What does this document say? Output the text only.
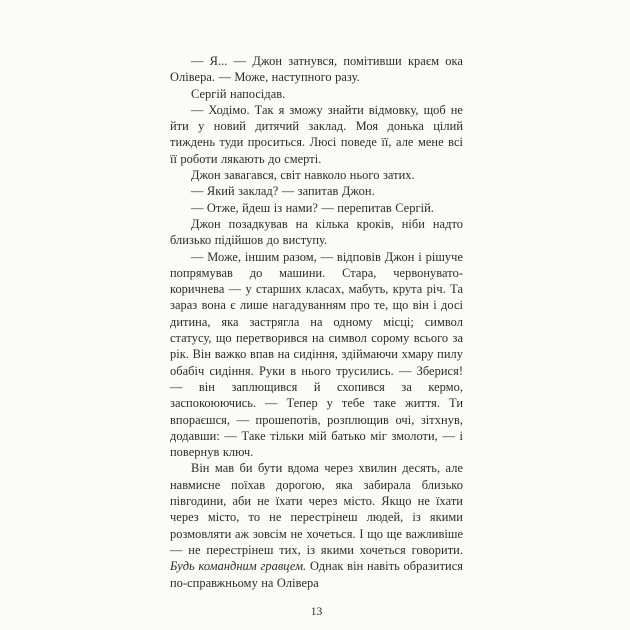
— Я... — Джон затнувся, помітивши краєм ока Олівера. — Може, наступного разу.

Сергій напосідав.

— Ходімо. Так я зможу знайти відмовку, щоб не йти у новий дитячий заклад. Моя донька цілий тиждень туди проситься. Люсі поведе її, але мене всі її роботи лякають до смерті.

Джон завагався, світ навколо нього затих.

— Який заклад? — запитав Джон.

— Отже, йдеш із нами? — перепитав Сергій.

Джон позадкував на кілька кроків, ніби надто близько підійшов до виступу.

— Може, іншим разом, — відповів Джон і рішуче попрямував до машини. Стара, червонувато-коричнева — у старших класах, мабуть, крута річ. Та зараз вона є лише нагадуванням про те, що він і досі дитина, яка застрягла на одному місці; символ статусу, що перетворився на символ сорому всього за рік. Він важко впав на сидіння, здіймаючи хмару пилу обабіч сидіння. Руки в нього трусились. — Зберися! — він заплющився й схопився за кермо, заспокоюючись. — Тепер у тебе таке життя. Ти впораєшся, — прошепотів, розплющив очі, зітхнув, додавши: — Таке тільки мій батько міг змолоти, — і повернув ключ.

Він мав би бути вдома через хвилин десять, але навмисне поїхав дорогою, яка забирала близько півгодини, аби не їхати через місто. Якщо не їхати через місто, то не перестрінеш людей, із якими розмовляти аж зовсім не хочеться. І що ще важливіше — не перестрінеш тих, із якими хочеться говорити. Будь командним гравцем. Однак він навіть образитися по-справжньому на Олівера

13
